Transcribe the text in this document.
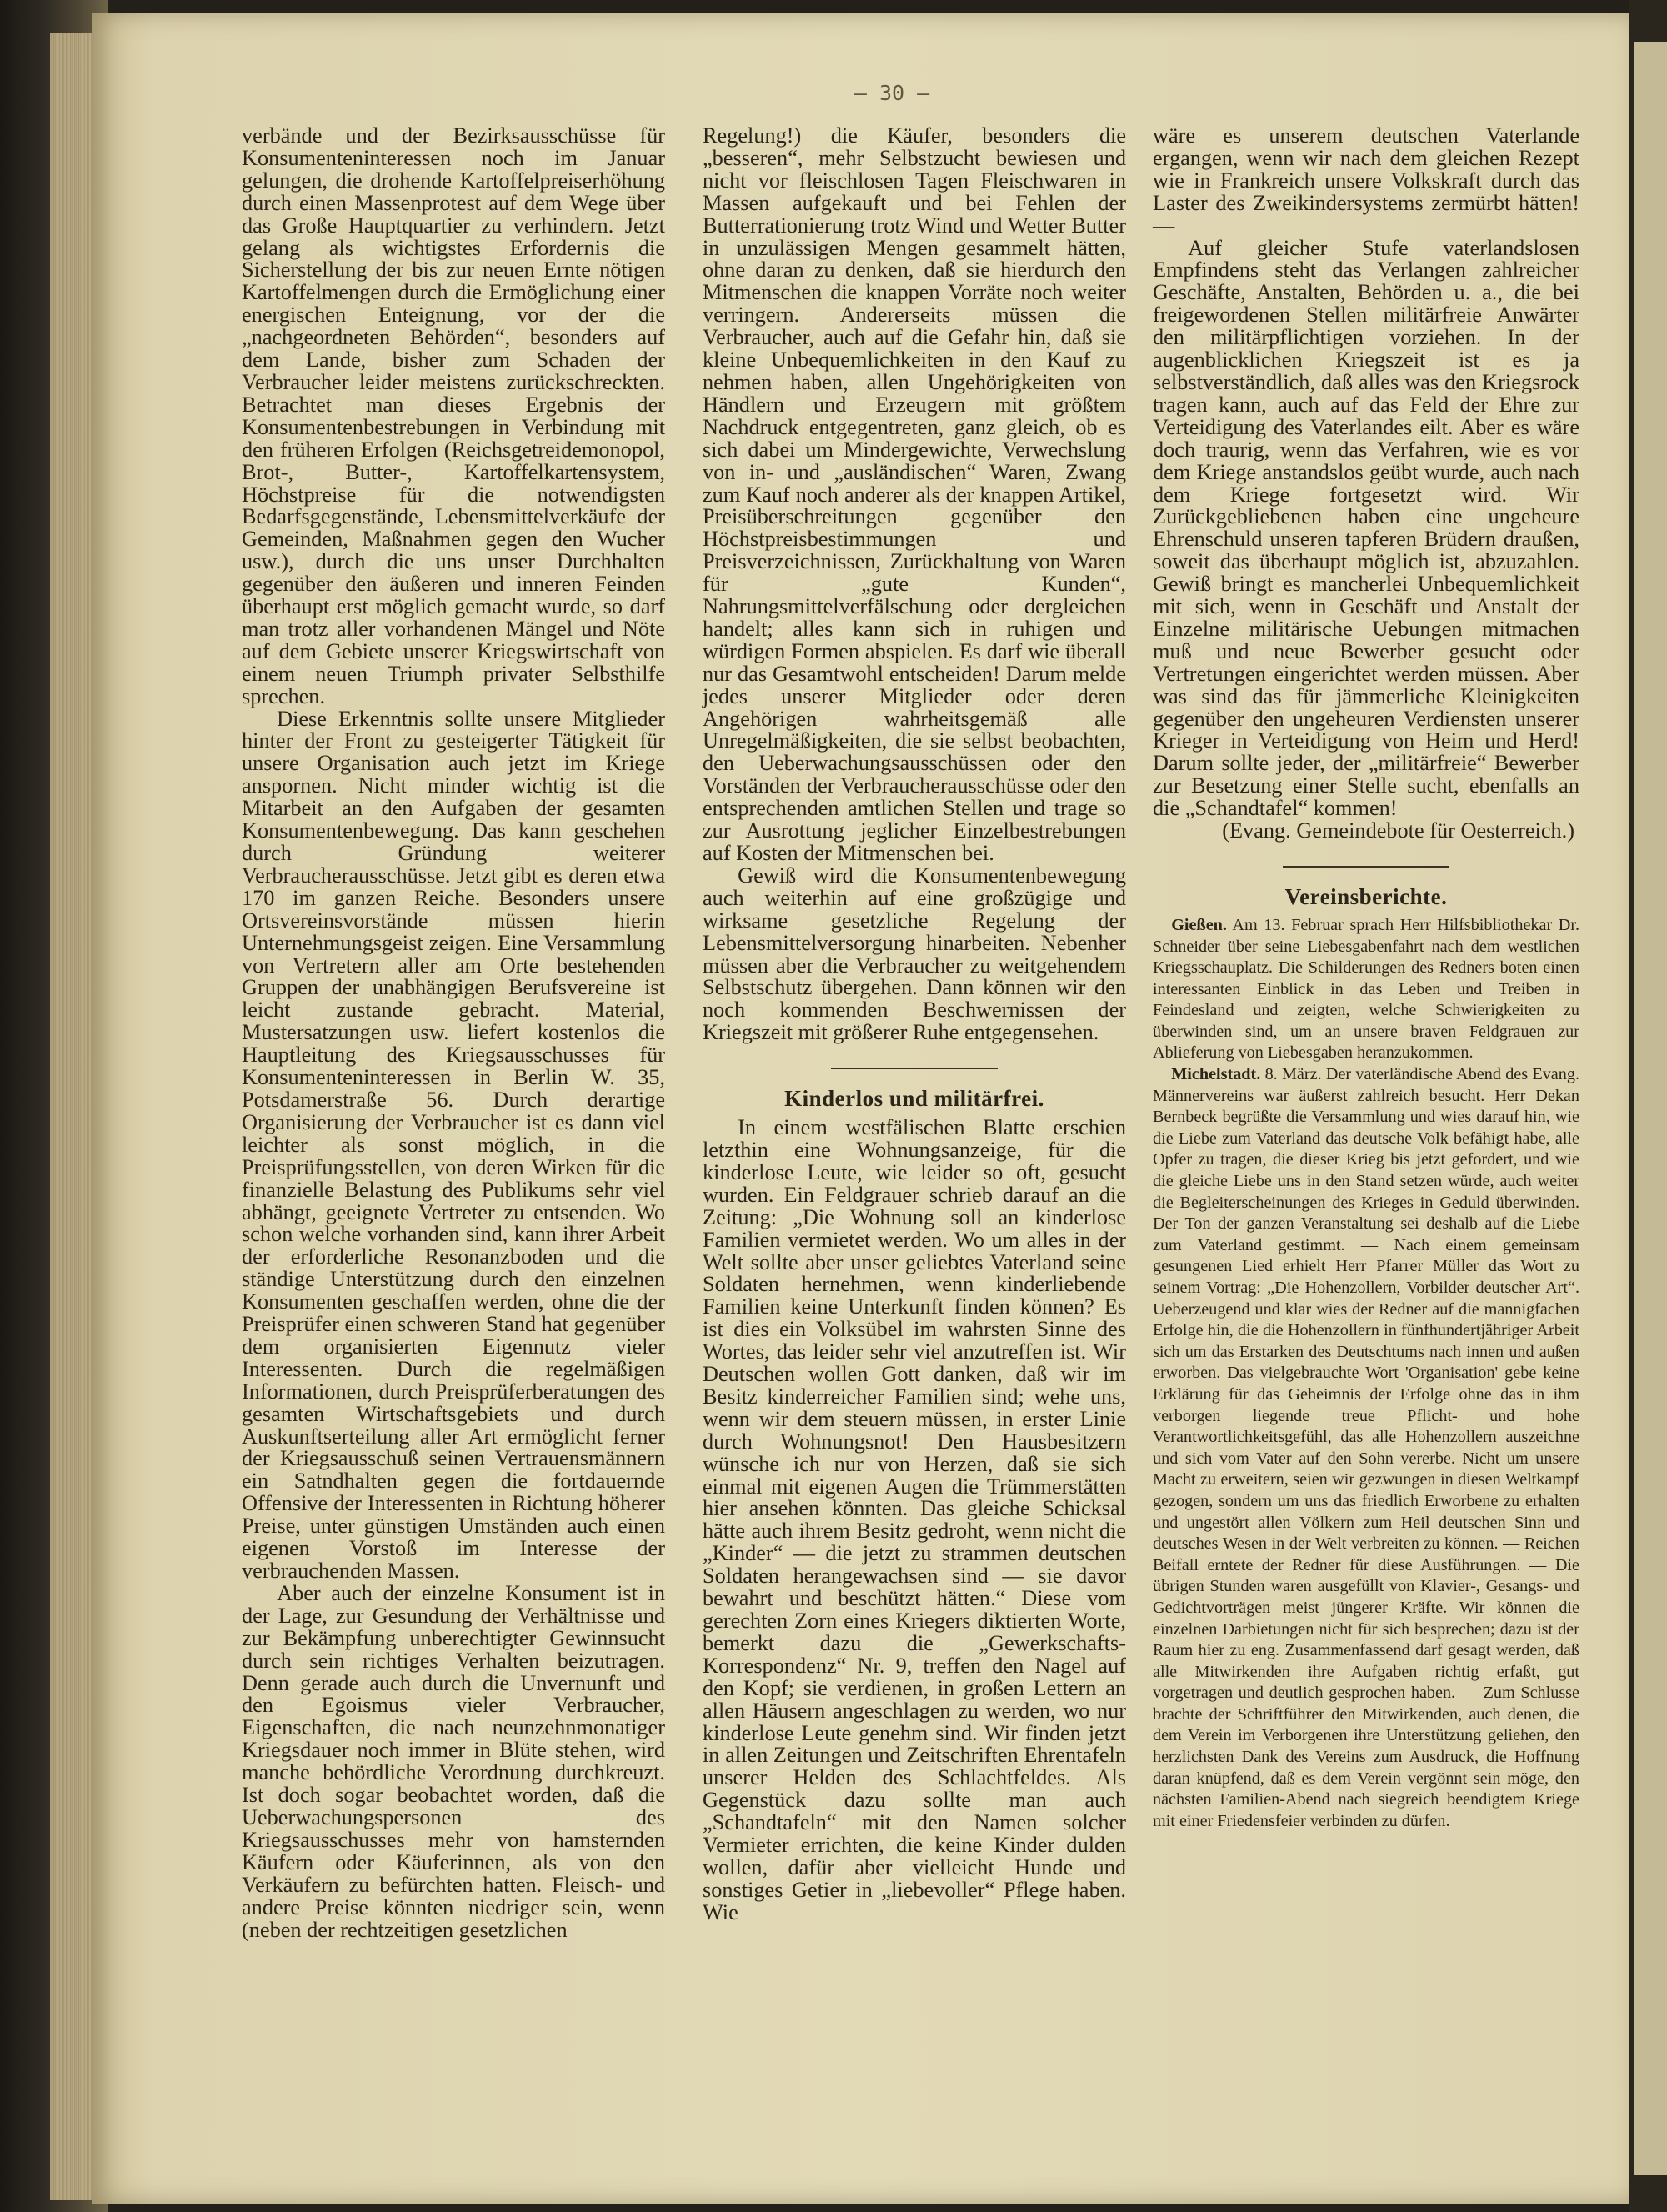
— 30 —

verbände und der Bezirksausschüsse für Konsumenteninteressen noch im Januar gelungen, die drohende Kartoffelpreiserhöhung durch einen Massenprotest auf dem Wege über das Große Hauptquartier zu verhindern. Jetzt gelang als wichtigstes Erfordernis die Sicherstellung der bis zur neuen Ernte nötigen Kartoffelmengen durch die Ermöglichung einer energischen Enteignung, vor der die „nachgeordneten Behörden“, besonders auf dem Lande, bisher zum Schaden der Verbraucher leider meistens zurückschreckten. Betrachtet man dieses Ergebnis der Konsumentenbestrebungen in Verbindung mit den früheren Erfolgen (Reichsgetreidemonopol, Brot-, Butter-, Kartoffelkartensystem, Höchstpreise für die notwendigsten Bedarfsgegenstände, Lebensmittelverkäufe der Gemeinden, Maßnahmen gegen den Wucher usw.), durch die uns unser Durchhalten gegenüber den äußeren und inneren Feinden überhaupt erst möglich gemacht wurde, so darf man trotz aller vorhandenen Mängel und Nöte auf dem Gebiete unserer Kriegswirtschaft von einem neuen Triumph privater Selbsthilfe sprechen.

Diese Erkenntnis sollte unsere Mitglieder hinter der Front zu gesteigerter Tätigkeit für unsere Organisation auch jetzt im Kriege anspornen. Nicht minder wichtig ist die Mitarbeit an den Aufgaben der gesamten Konsumentenbewegung. Das kann geschehen durch Gründung weiterer Verbraucherausschüsse. Jetzt gibt es deren etwa 170 im ganzen Reiche. Besonders unsere Ortsvereinsvorstände müssen hierin Unternehmungsgeist zeigen. Eine Versammlung von Vertretern aller am Orte bestehenden Gruppen der unabhängigen Berufsvereine ist leicht zustande gebracht. Material, Mustersatzungen usw. liefert kostenlos die Hauptleitung des Kriegsausschusses für Konsumenteninteressen in Berlin W. 35, Potsdamerstraße 56. Durch derartige Organisierung der Verbraucher ist es dann viel leichter als sonst möglich, in die Preisprüfungsstellen, von deren Wirken für die finanzielle Belastung des Publikums sehr viel abhängt, geeignete Vertreter zu entsenden. Wo schon welche vorhanden sind, kann ihrer Arbeit der erforderliche Resonanzboden und die ständige Unterstützung durch den einzelnen Konsumenten geschaffen werden, ohne die der Preisprüfer einen schweren Stand hat gegenüber dem organisierten Eigennutz vieler Interessenten. Durch die regelmäßigen Informationen, durch Preisprüferberatungen des gesamten Wirtschaftsgebiets und durch Auskunftserteilung aller Art ermöglicht ferner der Kriegsausschuß seinen Vertrauensmännern ein Satndhalten gegen die fortdauernde Offensive der Interessenten in Richtung höherer Preise, unter günstigen Umständen auch einen eigenen Vorstoß im Interesse der verbrauchenden Massen.

Aber auch der einzelne Konsument ist in der Lage, zur Gesundung der Verhältnisse und zur Bekämpfung unberechtigter Gewinnsucht durch sein richtiges Verhalten beizutragen. Denn gerade auch durch die Unvernunft und den Egoismus vieler Verbraucher, Eigenschaften, die nach neunzehnmonatiger Kriegsdauer noch immer in Blüte stehen, wird manche behördliche Verordnung durchkreuzt. Ist doch sogar beobachtet worden, daß die Ueberwachungspersonen des Kriegsausschusses mehr von hamsternden Käufern oder Käuferinnen, als von den Verkäufern zu befürchten hatten. Fleisch- und andere Preise könnten niedriger sein, wenn (neben der rechtzeitigen gesetzlichen

Regelung!) die Käufer, besonders die „besseren“, mehr Selbstzucht bewiesen und nicht vor fleischlosen Tagen Fleischwaren in Massen aufgekauft und bei Fehlen der Butterrationierung trotz Wind und Wetter Butter in unzulässigen Mengen gesammelt hätten, ohne daran zu denken, daß sie hierdurch den Mitmenschen die knappen Vorräte noch weiter verringern. Andererseits müssen die Verbraucher, auch auf die Gefahr hin, daß sie kleine Unbequemlichkeiten in den Kauf zu nehmen haben, allen Ungehörigkeiten von Händlern und Erzeugern mit größtem Nachdruck entgegentreten, ganz gleich, ob es sich dabei um Mindergewichte, Verwechslung von in- und „ausländischen“ Waren, Zwang zum Kauf noch anderer als der knappen Artikel, Preisüberschreitungen gegenüber den Höchstpreisbestimmungen und Preisverzeichnissen, Zurückhaltung von Waren für „gute Kunden“, Nahrungsmittelverfälschung oder dergleichen handelt; alles kann sich in ruhigen und würdigen Formen abspielen. Es darf wie überall nur das Gesamtwohl entscheiden! Darum melde jedes unserer Mitglieder oder deren Angehörigen wahrheitsgemäß alle Unregelmäßigkeiten, die sie selbst beobachten, den Ueberwachungsausschüssen oder den Vorständen der Verbraucherausschüsse oder den entsprechenden amtlichen Stellen und trage so zur Ausrottung jeglicher Einzelbestrebungen auf Kosten der Mitmenschen bei.

Gewiß wird die Konsumentenbewegung auch weiterhin auf eine großzügige und wirksame gesetzliche Regelung der Lebensmittelversorgung hinarbeiten. Nebenher müssen aber die Verbraucher zu weitgehendem Selbstschutz übergehen. Dann können wir den noch kommenden Beschwernissen der Kriegszeit mit größerer Ruhe entgegensehen.

Kinderlos und militärfrei.

In einem westfälischen Blatte erschien letzthin eine Wohnungsanzeige, für die kinderlose Leute, wie leider so oft, gesucht wurden. Ein Feldgrauer schrieb darauf an die Zeitung: „Die Wohnung soll an kinderlose Familien vermietet werden. Wo um alles in der Welt sollte aber unser geliebtes Vaterland seine Soldaten hernehmen, wenn kinderliebende Familien keine Unterkunft finden können? Es ist dies ein Volksübel im wahrsten Sinne des Wortes, das leider sehr viel anzutreffen ist. Wir Deutschen wollen Gott danken, daß wir im Besitz kinderreicher Familien sind; wehe uns, wenn wir dem steuern müssen, in erster Linie durch Wohnungsnot! Den Hausbesitzern wünsche ich nur von Herzen, daß sie sich einmal mit eigenen Augen die Trümmerstätten hier ansehen könnten. Das gleiche Schicksal hätte auch ihrem Besitz gedroht, wenn nicht die „Kinder“ — die jetzt zu strammen deutschen Soldaten herangewachsen sind — sie davor bewahrt und beschützt hätten.“ Diese vom gerechten Zorn eines Kriegers diktierten Worte, bemerkt dazu die „Gewerkschafts-Korrespondenz“ Nr. 9, treffen den Nagel auf den Kopf; sie verdienen, in großen Lettern an allen Häusern angeschlagen zu werden, wo nur kinderlose Leute genehm sind. Wir finden jetzt in allen Zeitungen und Zeitschriften Ehrentafeln unserer Helden des Schlachtfeldes. Als Gegenstück dazu sollte man auch „Schandtafeln“ mit den Namen solcher Vermieter errichten, die keine Kinder dulden wollen, dafür aber vielleicht Hunde und sonstiges Getier in „liebevoller“ Pflege haben. Wie

wäre es unserem deutschen Vaterlande ergangen, wenn wir nach dem gleichen Rezept wie in Frankreich unsere Volkskraft durch das Laster des Zweikindersystems zermürbt hätten! —

Auf gleicher Stufe vaterlandslosen Empfindens steht das Verlangen zahlreicher Geschäfte, Anstalten, Behörden u. a., die bei freigewordenen Stellen militärfreie Anwärter den militärpflichtigen vorziehen. In der augenblicklichen Kriegszeit ist es ja selbstverständlich, daß alles was den Kriegsrock tragen kann, auch auf das Feld der Ehre zur Verteidigung des Vaterlandes eilt. Aber es wäre doch traurig, wenn das Verfahren, wie es vor dem Kriege anstandslos geübt wurde, auch nach dem Kriege fortgesetzt wird. Wir Zurückgebliebenen haben eine ungeheure Ehrenschuld unseren tapferen Brüdern draußen, soweit das überhaupt möglich ist, abzuzahlen. Gewiß bringt es mancherlei Unbequemlichkeit mit sich, wenn in Geschäft und Anstalt der Einzelne militärische Uebungen mitmachen muß und neue Bewerber gesucht oder Vertretungen eingerichtet werden müssen. Aber was sind das für jämmerliche Kleinigkeiten gegenüber den ungeheuren Verdiensten unserer Krieger in Verteidigung von Heim und Herd! Darum sollte jeder, der „militärfreie“ Bewerber zur Besetzung einer Stelle sucht, ebenfalls an die „Schandtafel“ kommen!

(Evang. Gemeindebote für Oesterreich.)

Vereinsberichte.

Gießen. Am 13. Februar sprach Herr Hilfsbibliothekar Dr. Schneider über seine Liebesgabenfahrt nach dem westlichen Kriegsschauplatz. Die Schilderungen des Redners boten einen interessanten Einblick in das Leben und Treiben in Feindesland und zeigten, welche Schwierigkeiten zu überwinden sind, um an unsere braven Feldgrauen zur Ablieferung von Liebesgaben heranzukommen.

Michelstadt. 8. März. Der vaterländische Abend des Evang. Männervereins war äußerst zahlreich besucht. Herr Dekan Bernbeck begrüßte die Versammlung und wies darauf hin, wie die Liebe zum Vaterland das deutsche Volk befähigt habe, alle Opfer zu tragen, die dieser Krieg bis jetzt gefordert, und wie die gleiche Liebe uns in den Stand setzen würde, auch weiter die Begleiterscheinungen des Krieges in Geduld überwinden. Der Ton der ganzen Veranstaltung sei deshalb auf die Liebe zum Vaterland gestimmt. — Nach einem gemeinsam gesungenen Lied erhielt Herr Pfarrer Müller das Wort zu seinem Vortrag: „Die Hohenzollern, Vorbilder deutscher Art“. Ueberzeugend und klar wies der Redner auf die mannigfachen Erfolge hin, die die Hohenzollern in fünfhundertjähriger Arbeit sich um das Erstarken des Deutschtums nach innen und außen erworben. Das vielgebrauchte Wort 'Organisation' gebe keine Erklärung für das Geheimnis der Erfolge ohne das in ihm verborgen liegende treue Pflicht- und hohe Verantwortlichkeitsgefühl, das alle Hohenzollern auszeichne und sich vom Vater auf den Sohn vererbe. Nicht um unsere Macht zu erweitern, seien wir gezwungen in diesen Weltkampf gezogen, sondern um uns das friedlich Erworbene zu erhalten und ungestört allen Völkern zum Heil deutschen Sinn und deutsches Wesen in der Welt verbreiten zu können. — Reichen Beifall erntete der Redner für diese Ausführungen. — Die übrigen Stunden waren ausgefüllt von Klavier-, Gesangs- und Gedichtvorträgen meist jüngerer Kräfte. Wir können die einzelnen Darbietungen nicht für sich besprechen; dazu ist der Raum hier zu eng. Zusammenfassend darf gesagt werden, daß alle Mitwirkenden ihre Aufgaben richtig erfaßt, gut vorgetragen und deutlich gesprochen haben. — Zum Schlusse brachte der Schriftführer den Mitwirkenden, auch denen, die dem Verein im Verborgenen ihre Unterstützung geliehen, den herzlichsten Dank des Vereins zum Ausdruck, die Hoffnung daran knüpfend, daß es dem Verein vergönnt sein möge, den nächsten Familien-Abend nach siegreich beendigtem Kriege mit einer Friedensfeier verbinden zu dürfen.
